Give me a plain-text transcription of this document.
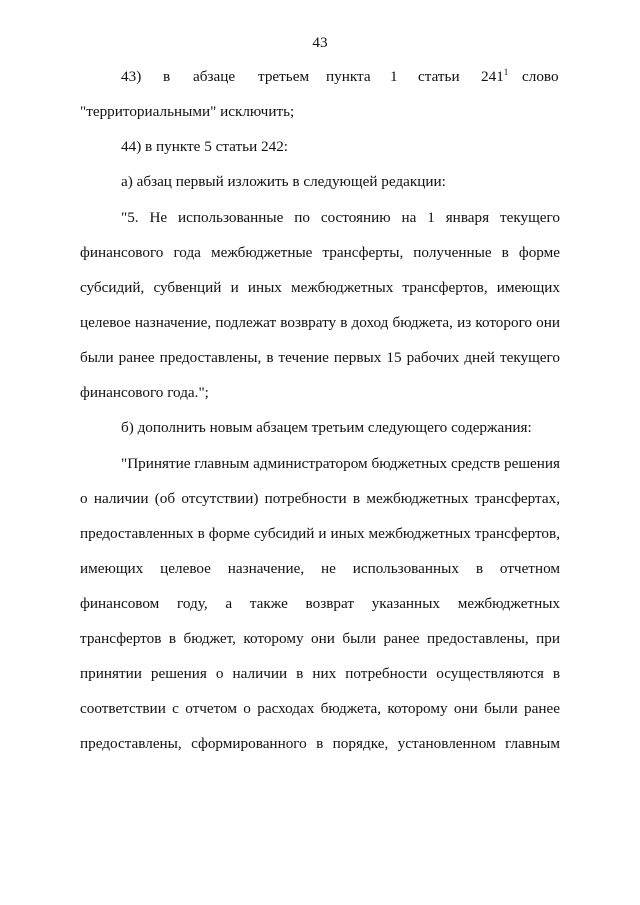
43
43) в абзаце третьем пункта 1 статьи $241^1$ слово
"территориальными" исключить;
44) в пункте 5 статьи 242:
а) абзац первый изложить в следующей редакции:
"5. Не использованные по состоянию на 1 января текущего
финансового года межбюджетные трансферты, полученные в форме
субсидий, субвенций и иных межбюджетных трансфертов, имеющих
целевое назначение, подлежат возврату в доход бюджета, из которого они
были ранее предоставлены, в течение первых 15 рабочих дней текущего
финансового года.";
б) дополнить новым абзацем третьим следующего содержания:
"Принятие главным администратором бюджетных средств решения
о наличии (об отсутствии) потребности в межбюджетных трансфертах,
предоставленных в форме субсидий и иных межбюджетных трансфертов,
имеющих целевое назначение, не использованных в отчетном
финансовом году, а также возврат указанных межбюджетных
трансфертов в бюджет, которому они были ранее предоставлены, при
принятии решения о наличии в них потребности осуществляются в
соответствии с отчетом о расходах бюджета, которому они были ранее
предоставлены, сформированного в порядке, установленном главным
